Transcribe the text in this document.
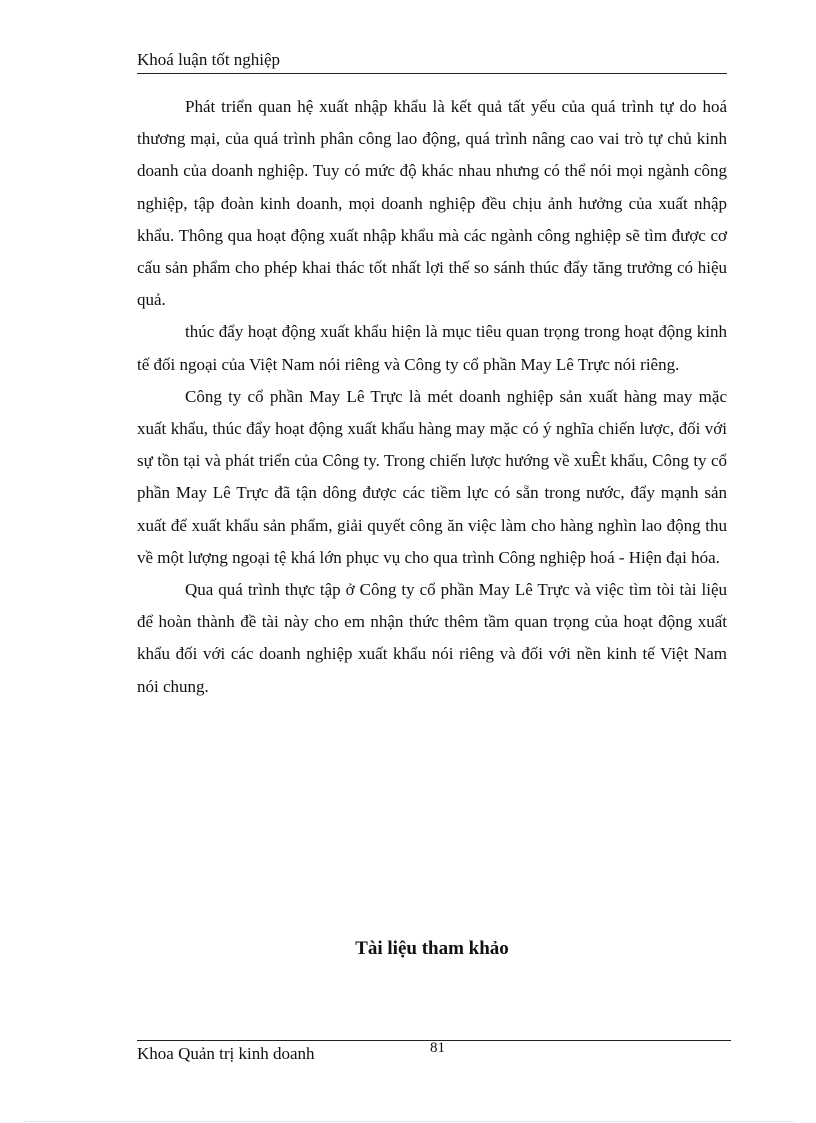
Khoá luận tốt nghiệp

Phát triển quan hệ xuất nhập khẩu là kết quả tất yếu của quá trình tự do hoá thương mại, của quá trình phân công lao động, quá trình nâng cao vai trò tự chủ kinh doanh của doanh nghiệp. Tuy có mức độ khác nhau nhưng có thể nói mọi ngành công nghiệp, tập đoàn kinh doanh, mọi doanh nghiệp đều chịu ảnh hưởng của xuất nhập khẩu. Thông qua hoạt động xuất nhập khẩu mà các ngành công nghiệp sẽ tìm được cơ cấu sản phẩm cho phép khai thác tốt nhất lợi thế so sánh thúc đẩy tăng trưởng có hiệu quả.

thúc đẩy hoạt động xuất khẩu hiện là mục tiêu quan trọng trong hoạt động kinh tế đối ngoại của Việt Nam nói riêng và Công ty cổ phần May Lê Trực nói riêng.

Công ty cổ phần May Lê Trực là mét doanh nghiệp sản xuất hàng may mặc xuất khẩu, thúc đẩy hoạt động xuất khẩu hàng may mặc có ý nghĩa chiến lược, đối với sự tồn tại và phát triển của Công ty. Trong chiến lược hướng về xuÊt khẩu, Công ty cổ phần May Lê Trực đã tận dông được các tiềm lực có sẵn trong nước, đẩy mạnh sản xuất để xuất khẩu sản phẩm, giải quyết công ăn việc làm cho hàng nghìn lao động thu về một lượng ngoại tệ khá lớn phục vụ cho qua trình Công nghiệp hoá - Hiện đại hóa.

Qua quá trình thực tập ở Công ty cổ phần May Lê Trực và việc tìm tòi tài liệu để hoàn thành đề tài này cho em nhận thức thêm tầm quan trọng của hoạt động xuất khẩu đối với các doanh nghiệp xuất khẩu nói riêng và đối với nền kinh tế Việt Nam nói chung.

Tài liệu tham khảo
Khoa Quản trị kinh doanh	81
